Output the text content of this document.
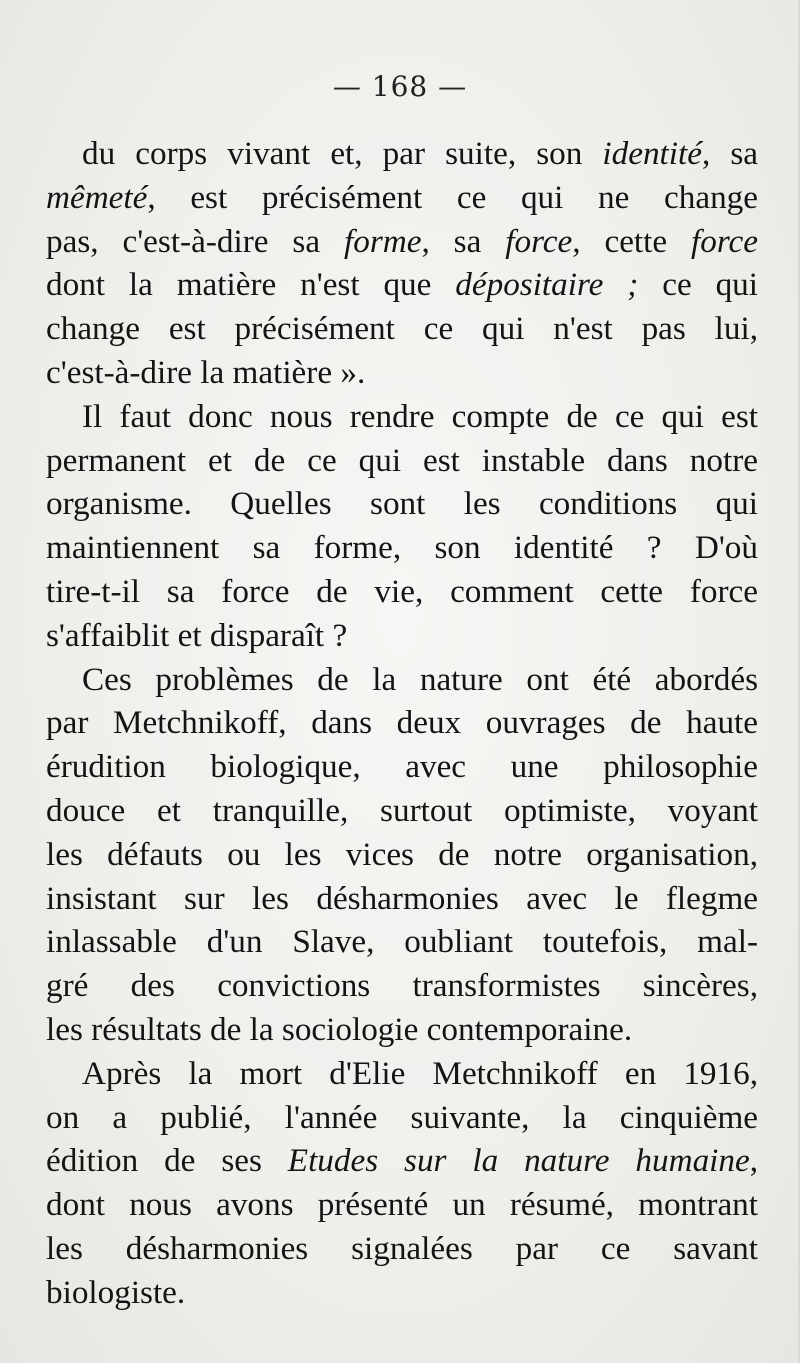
— 168 —
du corps vivant et, par suite, son identité, sa
mêmeté, est précisément ce qui ne change
pas, c'est-à-dire sa forme, sa force, cette force
dont la matière n'est que dépositaire ; ce qui
change est précisément ce qui n'est pas lui,
c'est-à-dire la matière ».
Il faut donc nous rendre compte de ce qui est
permanent et de ce qui est instable dans notre
organisme. Quelles sont les conditions qui
maintiennent sa forme, son identité ? D'où
tire-t-il sa force de vie, comment cette force
s'affaiblit et disparaît ?
Ces problèmes de la nature ont été abordés
par Metchnikoff, dans deux ouvrages de haute
érudition biologique, avec une philosophie
douce et tranquille, surtout optimiste, voyant
les défauts ou les vices de notre organisation,
insistant sur les désharmonies avec le flegme
inlassable d'un Slave, oubliant toutefois, mal-
gré des convictions transformistes sincères,
les résultats de la sociologie contemporaine.
Après la mort d'Elie Metchnikoff en 1916,
on a publié, l'année suivante, la cinquième
édition de ses Etudes sur la nature humaine,
dont nous avons présenté un résumé, montrant
les désharmonies signalées par ce savant
biologiste.
